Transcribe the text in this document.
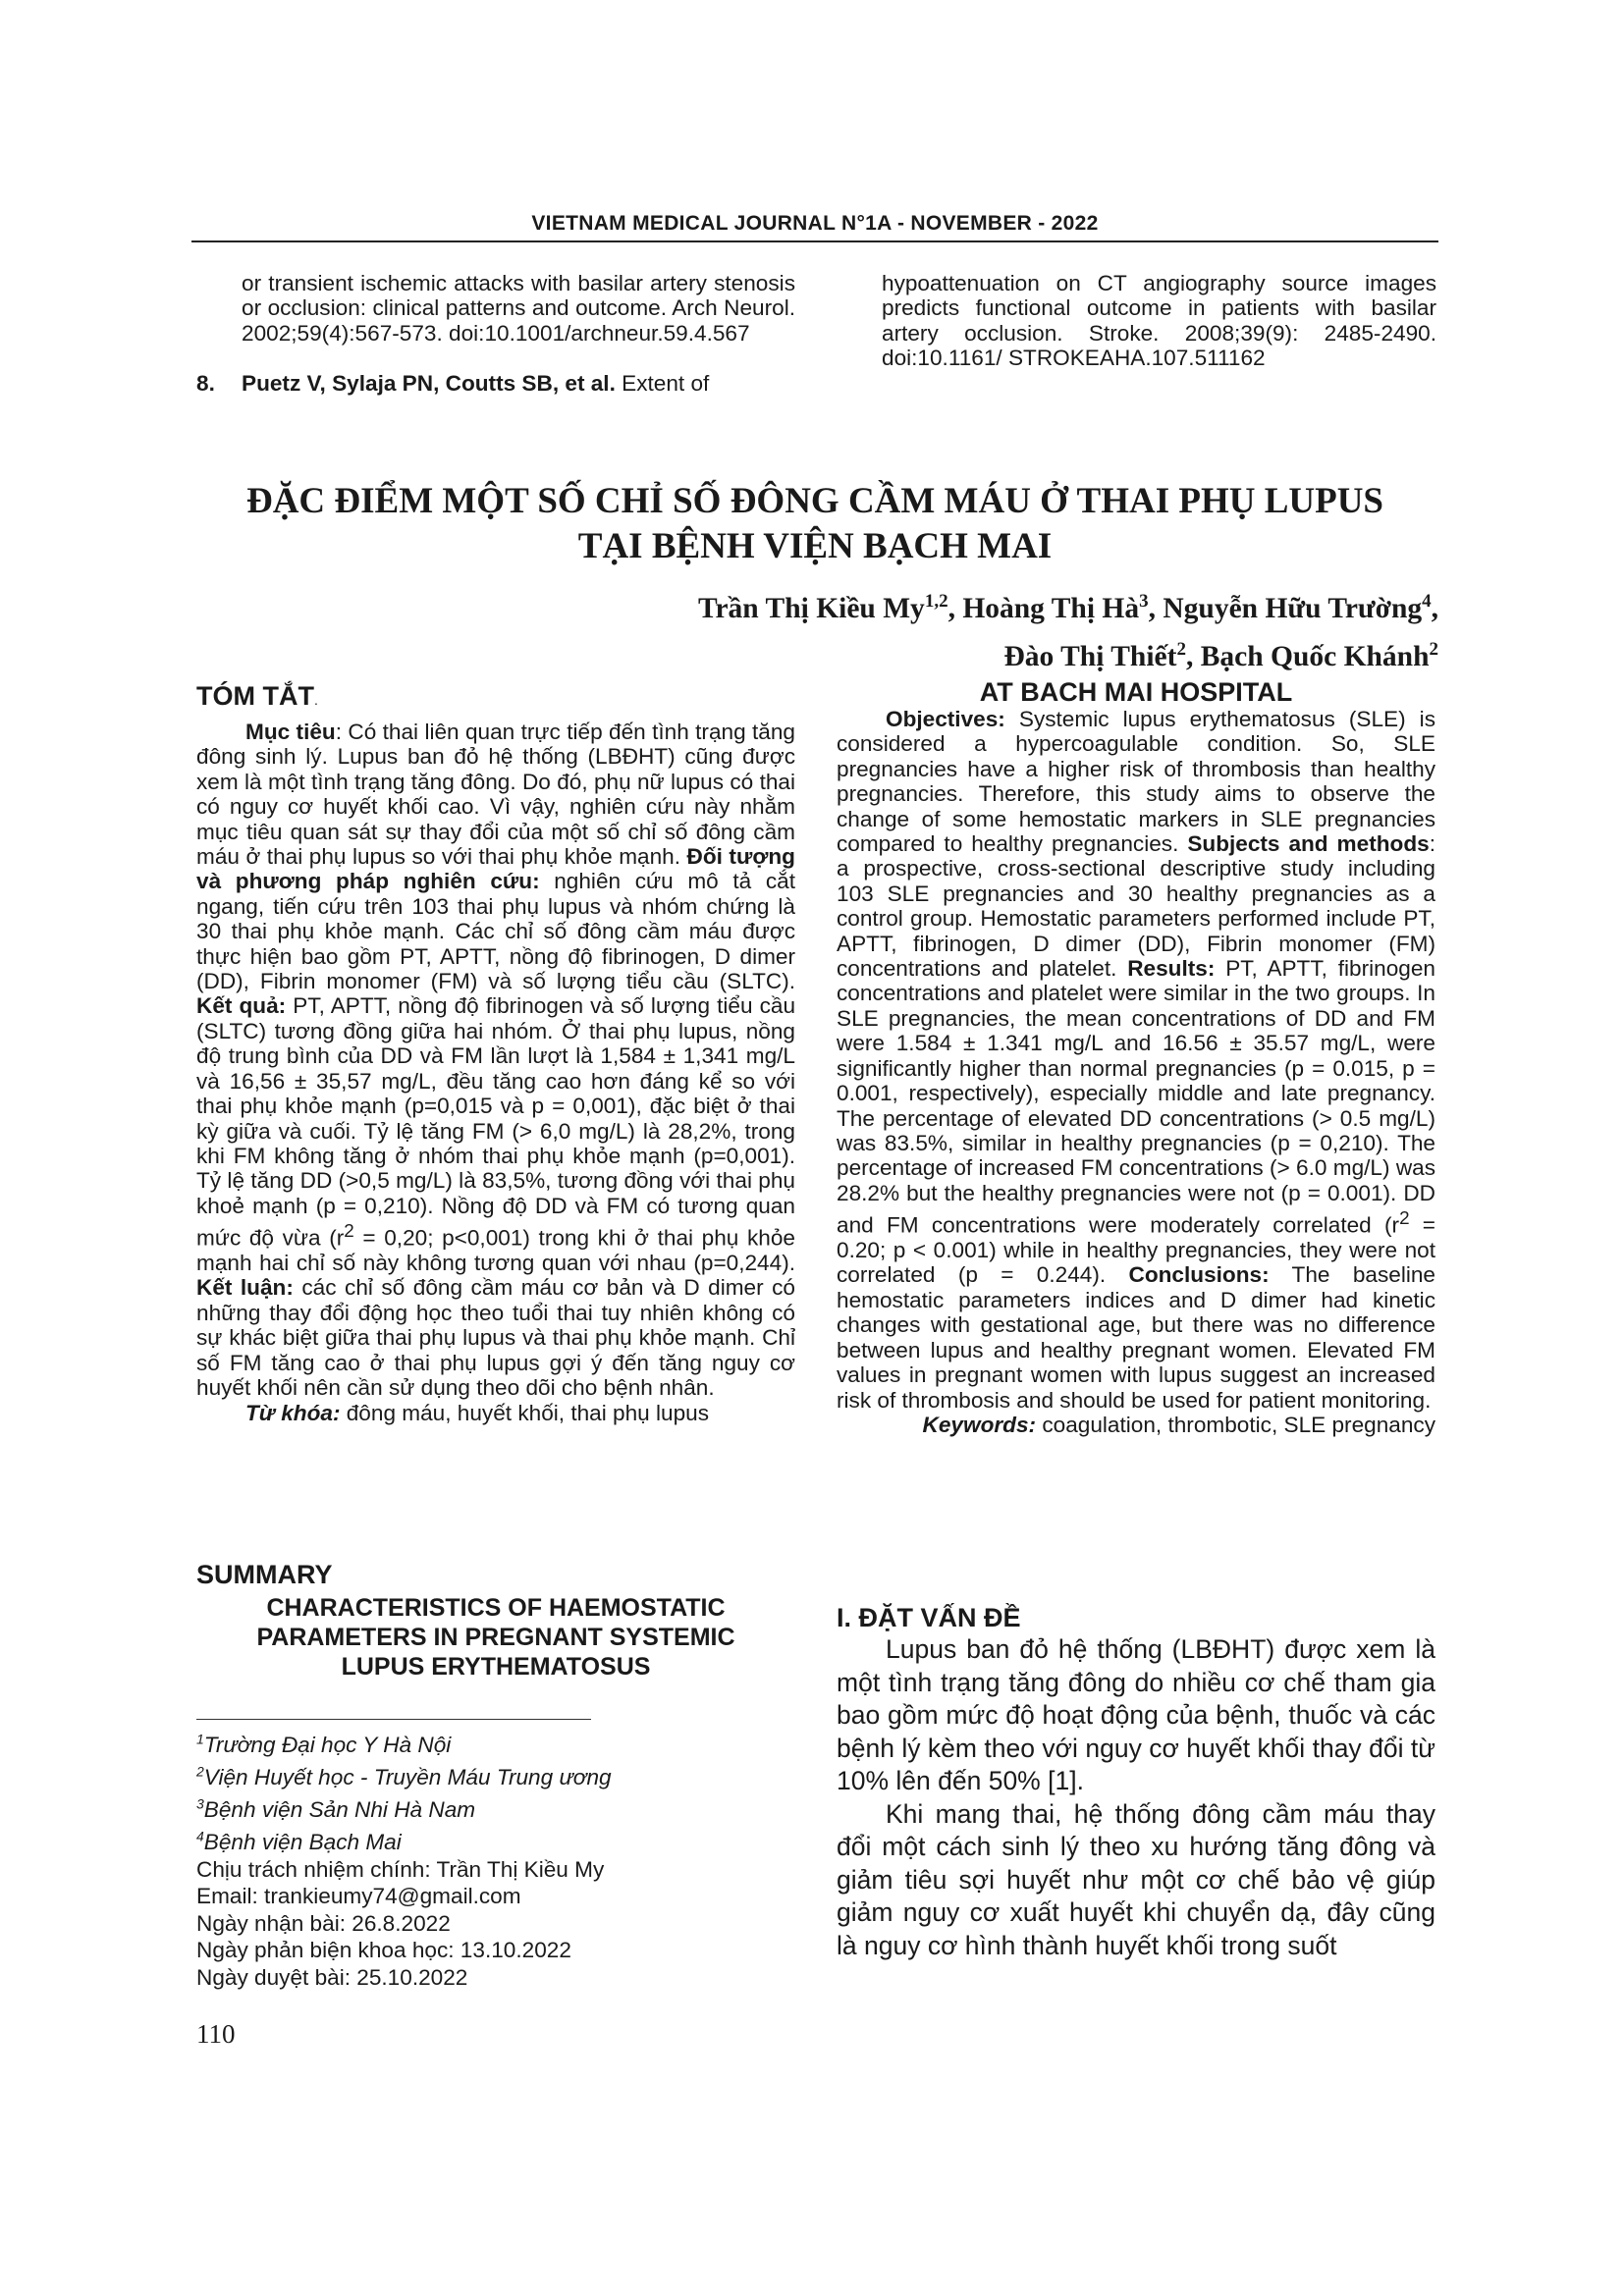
VIETNAM MEDICAL JOURNAL N°1A - NOVEMBER - 2022
or transient ischemic attacks with basilar artery stenosis or occlusion: clinical patterns and outcome. Arch Neurol. 2002;59(4):567-573. doi:10.1001/archneur.59.4.567
8. Puetz V, Sylaja PN, Coutts SB, et al. Extent of
hypoattenuation on CT angiography source images predicts functional outcome in patients with basilar artery occlusion. Stroke. 2008;39(9): 2485-2490. doi:10.1161/ STROKEAHA.107.511162
ĐẶC ĐIỂM MỘT SỐ CHỈ SỐ ĐÔNG CẦM MÁU Ở THAI PHỤ LUPUS
TẠI BỆNH VIỆN BẠCH MAI
Trần Thị Kiều My$^{1,2}$, Hoàng Thị $Hà^3$, Nguyễn Hữu Trường$^4$,
Đào Thị Thiết$^2$, Bạch Quốc Khánh$^2$
TÓM TẮT.

Mục tiêu: Có thai liên quan trực tiếp đến tình trạng tăng đông sinh lý. Lupus ban đỏ hệ thống (LBĐHT) cũng được xem là một tình trạng tăng đông. Do đó, phụ nữ lupus có thai có nguy cơ huyết khối cao. Vì vậy, nghiên cứu này nhằm mục tiêu quan sát sự thay đổi của một số chỉ số đông cầm máu ở thai phụ lupus so với thai phụ khỏe mạnh. Đối tượng và phương pháp nghiên cứu: nghiên cứu mô tả cắt ngang, tiến cứu trên 103 thai phụ lupus và nhóm chứng là 30 thai phụ khỏe mạnh. Các chỉ số đông cầm máu được thực hiện bao gồm PT, APTT, nồng độ fibrinogen, D dimer (DD), Fibrin monomer (FM) và số lượng tiểu cầu (SLTC). Kết quả: PT, APTT, nồng độ fibrinogen và số lượng tiểu cầu (SLTC) tương đồng giữa hai nhóm. Ở thai phụ lupus, nồng độ trung bình của DD và FM lần lượt là 1,584 ± 1,341 mg/L và 16,56 ± 35,57 mg/L, đều tăng cao hơn đáng kể so với thai phụ khỏe mạnh (p=0,015 và p = 0,001), đặc biệt ở thai kỳ giữa và cuối. Tỷ lệ tăng FM (> 6,0 mg/L) là 28,2%, trong khi FM không tăng ở nhóm thai phụ khỏe mạnh (p=0,001). Tỷ lệ tăng DD (>0,5 mg/L) là 83,5%, tương đồng với thai phụ khoẻ mạnh (p = 0,210). Nồng độ DD và FM có tương quan mức độ vừa ($r^2 = 0,20$; p<0,001) trong khi ở thai phụ khỏe mạnh hai chỉ số này không tương quan với nhau (p=0,244). Kết luận: các chỉ số đông cầm máu cơ bản và D dimer có những thay đổi động học theo tuổi thai tuy nhiên không có sự khác biệt giữa thai phụ lupus và thai phụ khỏe mạnh. Chỉ số FM tăng cao ở thai phụ lupus gợi ý đến tăng nguy cơ huyết khối nên cần sử dụng theo dõi cho bệnh nhân.

Từ khóa: đông máu, huyết khối, thai phụ lupus

SUMMARY
CHARACTERISTICS OF HAEMOSTATIC
PARAMETERS IN PREGNANT SYSTEMIC
LUPUS ERYTHEMATOSUS
$^1$Trường Đại học Y Hà Nội
$^2$Viện Huyết học - Truyền Máu Trung ương
$^3$Bệnh viện Sản Nhi Hà Nam
$^4$Bệnh viện Bạch Mai
Chịu trách nhiệm chính: Trần Thị Kiều My
Email: trankieumy74@gmail.com
Ngày nhận bài: 26.8.2022
Ngày phản biện khoa học: 13.10.2022
Ngày duyệt bài: 25.10.2022
110
AT BACH MAI HOSPITAL

Objectives: Systemic lupus erythematosus (SLE) is considered a hypercoagulable condition. So, SLE pregnancies have a higher risk of thrombosis than healthy pregnancies. Therefore, this study aims to observe the change of some hemostatic markers in SLE pregnancies compared to healthy pregnancies. Subjects and methods: a prospective, cross-sectional descriptive study including 103 SLE pregnancies and 30 healthy pregnancies as a control group. Hemostatic parameters performed include PT, APTT, fibrinogen, D dimer (DD), Fibrin monomer (FM) concentrations and platelet. Results: PT, APTT, fibrinogen concentrations and platelet were similar in the two groups. In SLE pregnancies, the mean concentrations of DD and FM were 1.584 ± 1.341 mg/L and 16.56 ± 35.57 mg/L, were significantly higher than normal pregnancies (p = 0.015, p = 0.001, respectively), especially middle and late pregnancy. The percentage of elevated DD concentrations (> 0.5 mg/L) was 83.5%, similar in healthy pregnancies (p = 0,210). The percentage of increased FM concentrations (> 6.0 mg/L) was 28.2% but the healthy pregnancies were not (p = 0.001). DD and FM concentrations were moderately correlated ($r^2 = 0.20$; p < 0.001) while in healthy pregnancies, they were not correlated (p = 0.244). Conclusions: The baseline hemostatic parameters indices and D dimer had kinetic changes with gestational age, but there was no difference between lupus and healthy pregnant women. Elevated FM values in pregnant women with lupus suggest an increased risk of thrombosis and should be used for patient monitoring.

Keywords: coagulation, thrombotic, SLE pregnancy

I. ĐẶT VẤN ĐỀ

Lupus ban đỏ hệ thống (LBĐHT) được xem là một tình trạng tăng đông do nhiều cơ chế tham gia bao gồm mức độ hoạt động của bệnh, thuốc và các bệnh lý kèm theo với nguy cơ huyết khối thay đổi từ 10% lên đến 50% [1].

Khi mang thai, hệ thống đông cầm máu thay đổi một cách sinh lý theo xu hướng tăng đông và giảm tiêu sợi huyết như một cơ chế bảo vệ giúp giảm nguy cơ xuất huyết khi chuyển dạ, đây cũng là nguy cơ hình thành huyết khối trong suốt
